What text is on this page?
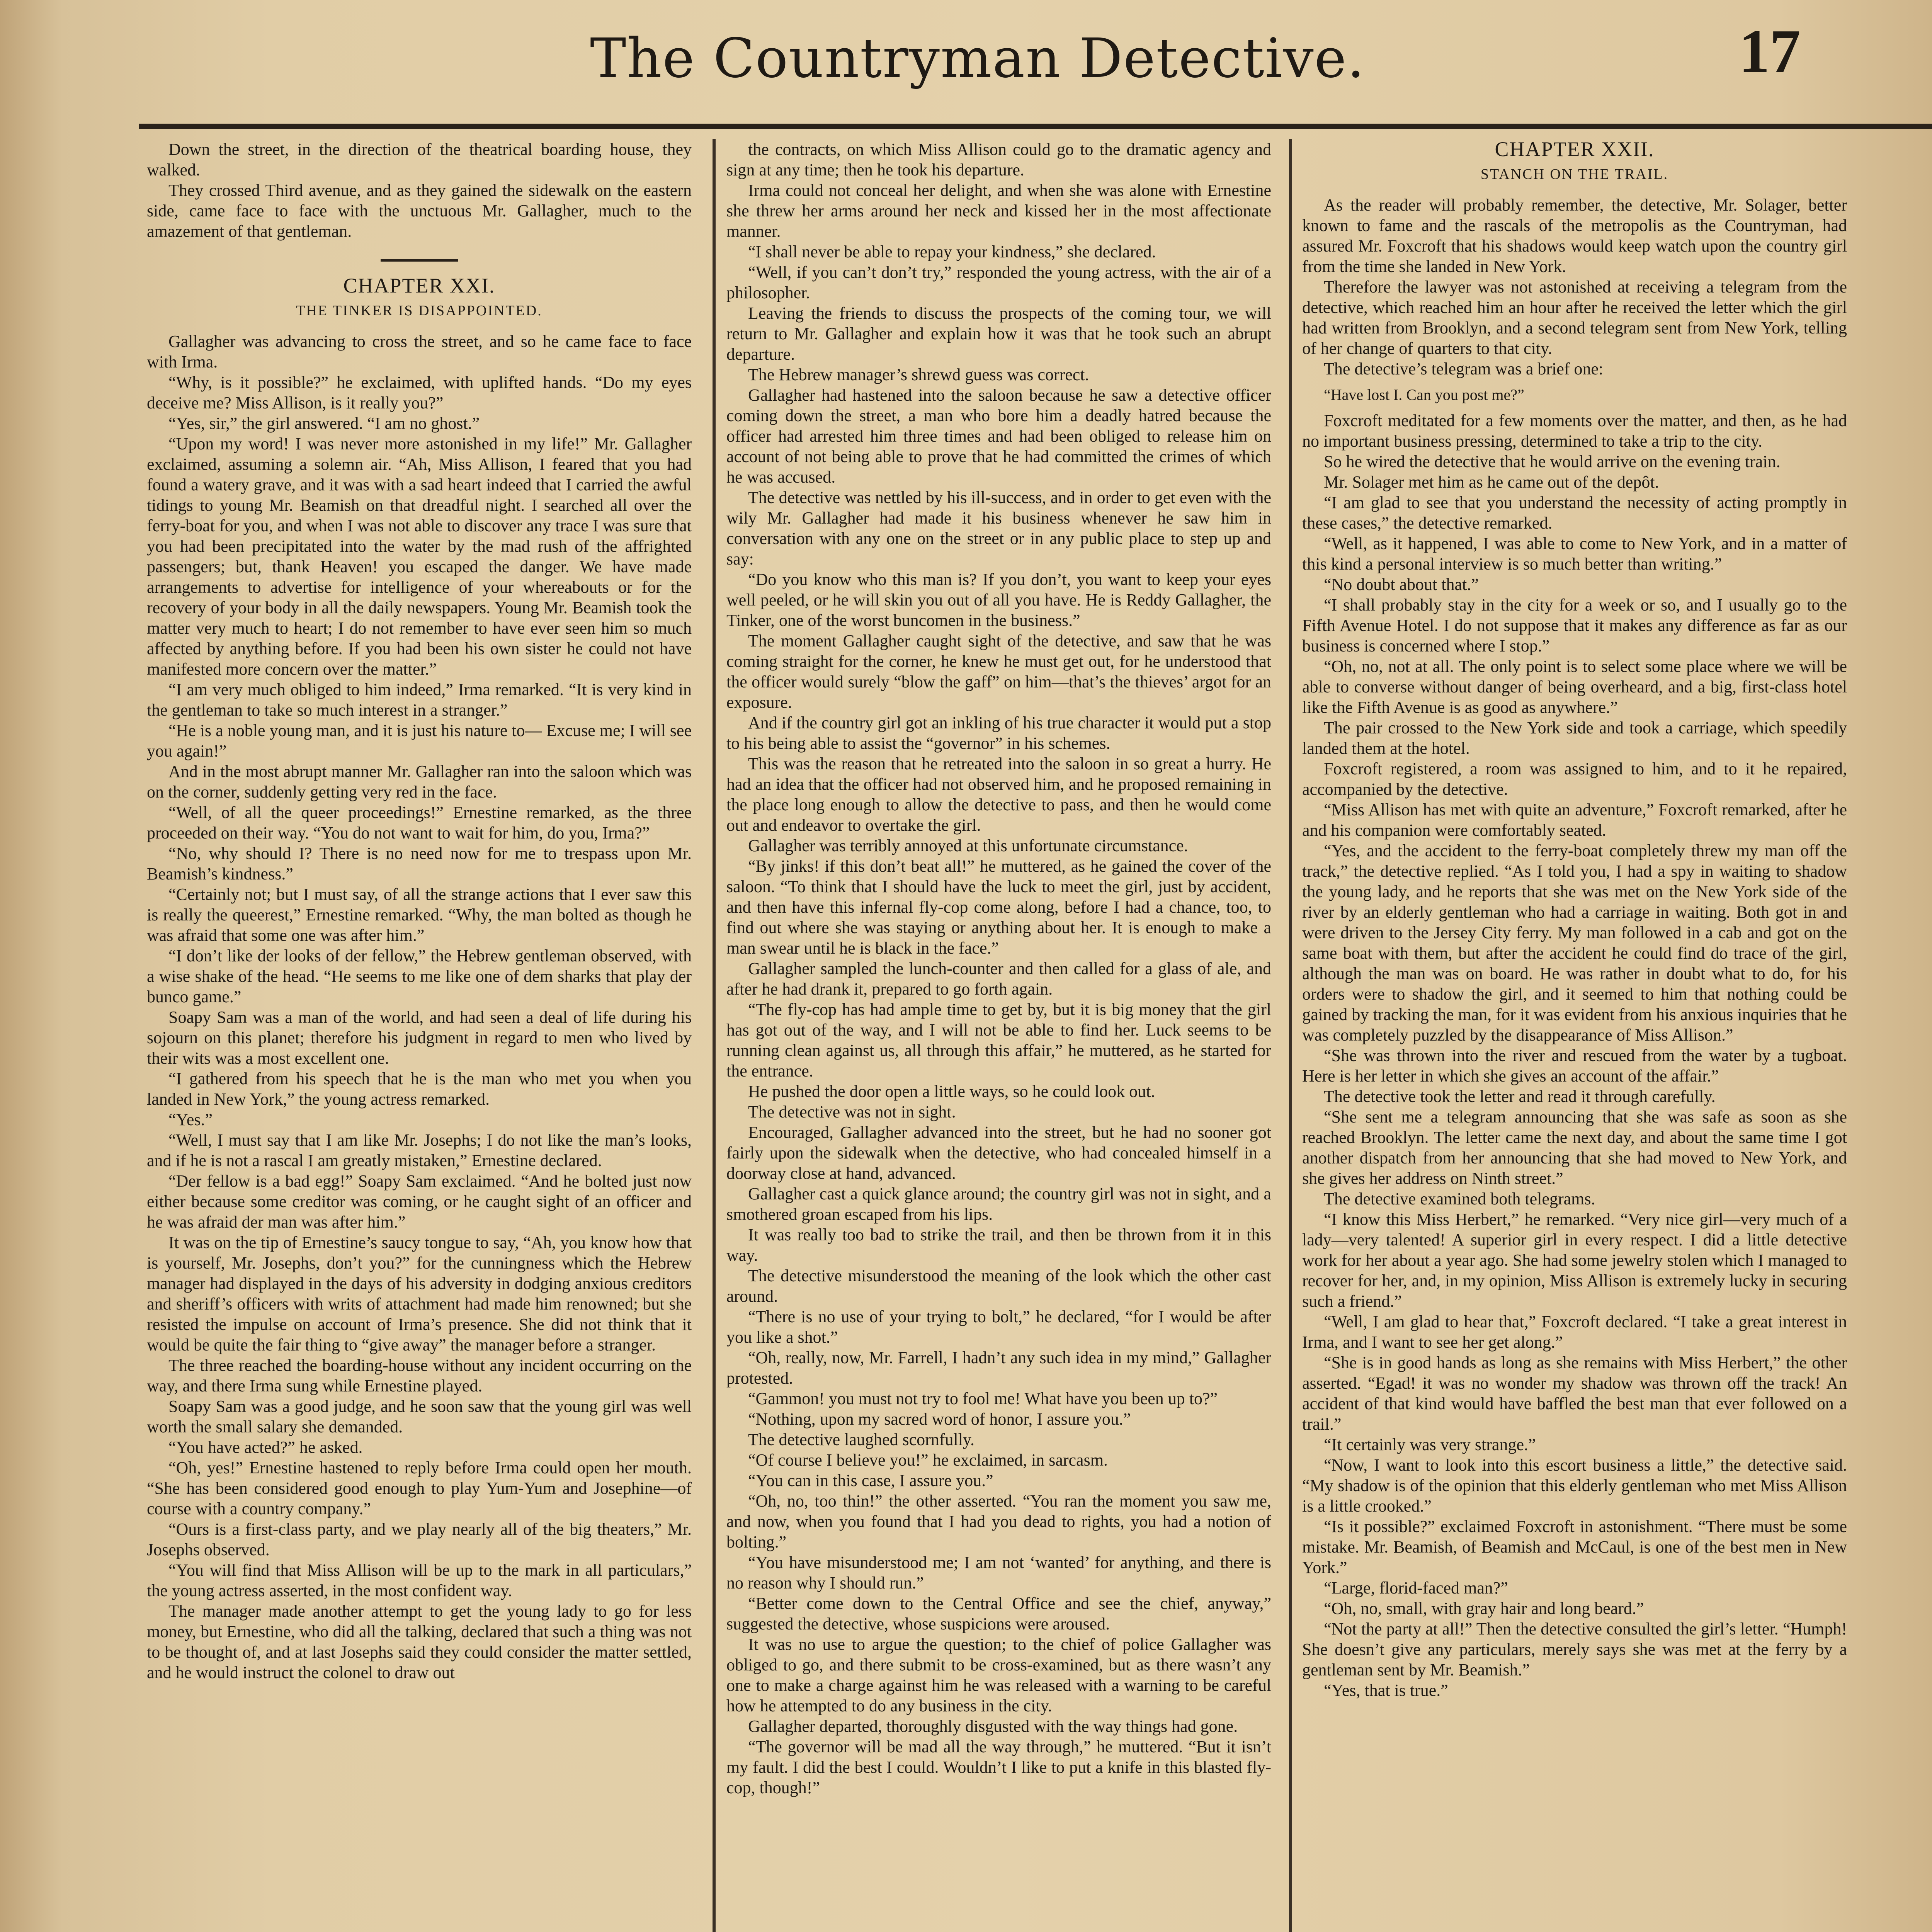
The Countryman Detective.	17

Down the street, in the direction of the theatrical boarding house, they walked.

They crossed Third avenue, and as they gained the sidewalk on the eastern side, came face to face with the unctuous Mr. Gallagher, much to the amazement of that gentleman.

CHAPTER XXI.
THE TINKER IS DISAPPOINTED.

Gallagher was advancing to cross the street, and so he came face to face with Irma.

“Why, is it possible?” he exclaimed, with uplifted hands. “Do my eyes deceive me? Miss Allison, is it really you?”

“Yes, sir,” the girl answered. “I am no ghost.”

“Upon my word! I was never more astonished in my life!” Mr. Gallagher exclaimed, assuming a solemn air. “Ah, Miss Allison, I feared that you had found a watery grave, and it was with a sad heart indeed that I carried the awful tidings to young Mr. Beamish on that dreadful night. I searched all over the ferry-boat for you, and when I was not able to discover any trace I was sure that you had been precipitated into the water by the mad rush of the affrighted passengers; but, thank Heaven! you escaped the danger. We have made arrangements to advertise for intelligence of your whereabouts or for the recovery of your body in all the daily newspapers. Young Mr. Beamish took the matter very much to heart; I do not remember to have ever seen him so much affected by anything before. If you had been his own sister he could not have manifested more concern over the matter.”

“I am very much obliged to him indeed,” Irma remarked. “It is very kind in the gentleman to take so much interest in a stranger.”

“He is a noble young man, and it is just his nature to— Excuse me; I will see you again!”

And in the most abrupt manner Mr. Gallagher ran into the saloon which was on the corner, suddenly getting very red in the face.

“Well, of all the queer proceedings!” Ernestine remarked, as the three proceeded on their way. “You do not want to wait for him, do you, Irma?”

“No, why should I? There is no need now for me to trespass upon Mr. Beamish’s kindness.”

“Certainly not; but I must say, of all the strange actions that I ever saw this is really the queerest,” Ernestine remarked. “Why, the man bolted as though he was afraid that some one was after him.”

“I don’t like der looks of der fellow,” the Hebrew gentleman observed, with a wise shake of the head. “He seems to me like one of dem sharks that play der bunco game.”

Soapy Sam was a man of the world, and had seen a deal of life during his sojourn on this planet; therefore his judgment in regard to men who lived by their wits was a most excellent one.

“I gathered from his speech that he is the man who met you when you landed in New York,” the young actress remarked.

“Yes.”

“Well, I must say that I am like Mr. Josephs; I do not like the man’s looks, and if he is not a rascal I am greatly mistaken,” Ernestine declared.

“Der fellow is a bad egg!” Soapy Sam exclaimed. “And he bolted just now either because some creditor was coming, or he caught sight of an officer and he was afraid der man was after him.”

It was on the tip of Ernestine’s saucy tongue to say, “Ah, you know how that is yourself, Mr. Josephs, don’t you?” for the cunningness which the Hebrew manager had displayed in the days of his adversity in dodging anxious creditors and sheriff’s officers with writs of attachment had made him renowned; but she resisted the impulse on account of Irma’s presence. She did not think that it would be quite the fair thing to “give away” the manager before a stranger.

The three reached the boarding-house without any incident occurring on the way, and there Irma sung while Ernestine played.

Soapy Sam was a good judge, and he soon saw that the young girl was well worth the small salary she demanded.

“You have acted?” he asked.

“Oh, yes!” Ernestine hastened to reply before Irma could open her mouth. “She has been considered good enough to play Yum-Yum and Josephine—of course with a country company.”

“Ours is a first-class party, and we play nearly all of the big theaters,” Mr. Josephs observed.

“You will find that Miss Allison will be up to the mark in all particulars,” the young actress asserted, in the most confident way.

The manager made another attempt to get the young lady to go for less money, but Ernestine, who did all the talking, declared that such a thing was not to be thought of, and at last Josephs said they could consider the matter settled, and he would instruct the colonel to draw out

the contracts, on which Miss Allison could go to the dramatic agency and sign at any time; then he took his departure.

Irma could not conceal her delight, and when she was alone with Ernestine she threw her arms around her neck and kissed her in the most affectionate manner.

“I shall never be able to repay your kindness,” she declared.

“Well, if you can’t don’t try,” responded the young actress, with the air of a philosopher.

Leaving the friends to discuss the prospects of the coming tour, we will return to Mr. Gallagher and explain how it was that he took such an abrupt departure.

The Hebrew manager’s shrewd guess was correct.

Gallagher had hastened into the saloon because he saw a detective officer coming down the street, a man who bore him a deadly hatred because the officer had arrested him three times and had been obliged to release him on account of not being able to prove that he had committed the crimes of which he was accused.

The detective was nettled by his ill-success, and in order to get even with the wily Mr. Gallagher had made it his business whenever he saw him in conversation with any one on the street or in any public place to step up and say:

“Do you know who this man is? If you don’t, you want to keep your eyes well peeled, or he will skin you out of all you have. He is Reddy Gallagher, the Tinker, one of the worst buncomen in the business.”

The moment Gallagher caught sight of the detective, and saw that he was coming straight for the corner, he knew he must get out, for he understood that the officer would surely “blow the gaff” on him—that’s the thieves’ argot for an exposure.

And if the country girl got an inkling of his true character it would put a stop to his being able to assist the “governor” in his schemes.

This was the reason that he retreated into the saloon in so great a hurry. He had an idea that the officer had not observed him, and he proposed remaining in the place long enough to allow the detective to pass, and then he would come out and endeavor to overtake the girl.

Gallagher was terribly annoyed at this unfortunate circumstance.

“By jinks! if this don’t beat all!” he muttered, as he gained the cover of the saloon. “To think that I should have the luck to meet the girl, just by accident, and then have this infernal fly-cop come along, before I had a chance, too, to find out where she was staying or anything about her. It is enough to make a man swear until he is black in the face.”

Gallagher sampled the lunch-counter and then called for a glass of ale, and after he had drank it, prepared to go forth again.

“The fly-cop has had ample time to get by, but it is big money that the girl has got out of the way, and I will not be able to find her. Luck seems to be running clean against us, all through this affair,” he muttered, as he started for the entrance.

He pushed the door open a little ways, so he could look out.

The detective was not in sight.

Encouraged, Gallagher advanced into the street, but he had no sooner got fairly upon the sidewalk when the detective, who had concealed himself in a doorway close at hand, advanced.

Gallagher cast a quick glance around; the country girl was not in sight, and a smothered groan escaped from his lips.

It was really too bad to strike the trail, and then be thrown from it in this way.

The detective misunderstood the meaning of the look which the other cast around.

“There is no use of your trying to bolt,” he declared, “for I would be after you like a shot.”

“Oh, really, now, Mr. Farrell, I hadn’t any such idea in my mind,” Gallagher protested.

“Gammon! you must not try to fool me! What have you been up to?”

“Nothing, upon my sacred word of honor, I assure you.”

The detective laughed scornfully.

“Of course I believe you!” he exclaimed, in sarcasm.

“You can in this case, I assure you.”

“Oh, no, too thin!” the other asserted. “You ran the moment you saw me, and now, when you found that I had you dead to rights, you had a notion of bolting.”

“You have misunderstood me; I am not ‘wanted’ for anything, and there is no reason why I should run.”

“Better come down to the Central Office and see the chief, anyway,” suggested the detective, whose suspicions were aroused.

It was no use to argue the question; to the chief of police Gallagher was obliged to go, and there submit to be cross-examined, but as there wasn’t any one to make a charge against him he was released with a warning to be careful how he attempted to do any business in the city.

Gallagher departed, thoroughly disgusted with the way things had gone.

“The governor will be mad all the way through,” he muttered. “But it isn’t my fault. I did the best I could. Wouldn’t I like to put a knife in this blasted fly-cop, though!”

CHAPTER XXII.
STANCH ON THE TRAIL.

As the reader will probably remember, the detective, Mr. Solager, better known to fame and the rascals of the metropolis as the Countryman, had assured Mr. Foxcroft that his shadows would keep watch upon the country girl from the time she landed in New York.

Therefore the lawyer was not astonished at receiving a telegram from the detective, which reached him an hour after he received the letter which the girl had written from Brooklyn, and a second telegram sent from New York, telling of her change of quarters to that city.

The detective’s telegram was a brief one:

“Have lost I. Can you post me?”

Foxcroft meditated for a few moments over the matter, and then, as he had no important business pressing, determined to take a trip to the city.

So he wired the detective that he would arrive on the evening train.

Mr. Solager met him as he came out of the depôt.

“I am glad to see that you understand the necessity of acting promptly in these cases,” the detective remarked.

“Well, as it happened, I was able to come to New York, and in a matter of this kind a personal interview is so much better than writing.”

“No doubt about that.”

“I shall probably stay in the city for a week or so, and I usually go to the Fifth Avenue Hotel. I do not suppose that it makes any difference as far as our business is concerned where I stop.”

“Oh, no, not at all. The only point is to select some place where we will be able to converse without danger of being overheard, and a big, first-class hotel like the Fifth Avenue is as good as anywhere.”

The pair crossed to the New York side and took a carriage, which speedily landed them at the hotel.

Foxcroft registered, a room was assigned to him, and to it he repaired, accompanied by the detective.

“Miss Allison has met with quite an adventure,” Foxcroft remarked, after he and his companion were comfortably seated.

“Yes, and the accident to the ferry-boat completely threw my man off the track,” the detective replied. “As I told you, I had a spy in waiting to shadow the young lady, and he reports that she was met on the New York side of the river by an elderly gentleman who had a carriage in waiting. Both got in and were driven to the Jersey City ferry. My man followed in a cab and got on the same boat with them, but after the accident he could find do trace of the girl, although the man was on board. He was rather in doubt what to do, for his orders were to shadow the girl, and it seemed to him that nothing could be gained by tracking the man, for it was evident from his anxious inquiries that he was completely puzzled by the disappearance of Miss Allison.”

“She was thrown into the river and rescued from the water by a tugboat. Here is her letter in which she gives an account of the affair.”

The detective took the letter and read it through carefully.

“She sent me a telegram announcing that she was safe as soon as she reached Brooklyn. The letter came the next day, and about the same time I got another dispatch from her announcing that she had moved to New York, and she gives her address on Ninth street.”

The detective examined both telegrams.

“I know this Miss Herbert,” he remarked. “Very nice girl—very much of a lady—very talented! A superior girl in every respect. I did a little detective work for her about a year ago. She had some jewelry stolen which I managed to recover for her, and, in my opinion, Miss Allison is extremely lucky in securing such a friend.”

“Well, I am glad to hear that,” Foxcroft declared. “I take a great interest in Irma, and I want to see her get along.”

“She is in good hands as long as she remains with Miss Herbert,” the other asserted. “Egad! it was no wonder my shadow was thrown off the track! An accident of that kind would have baffled the best man that ever followed on a trail.”

“It certainly was very strange.”

“Now, I want to look into this escort business a little,” the detective said. “My shadow is of the opinion that this elderly gentleman who met Miss Allison is a little crooked.”

“Is it possible?” exclaimed Foxcroft in astonishment. “There must be some mistake. Mr. Beamish, of Beamish and McCaul, is one of the best men in New York.”

“Large, florid-faced man?”

“Oh, no, small, with gray hair and long beard.”

“Not the party at all!” Then the detective consulted the girl’s letter. “Humph! She doesn’t give any particulars, merely says she was met at the ferry by a gentleman sent by Mr. Beamish.”

“Yes, that is true.”
